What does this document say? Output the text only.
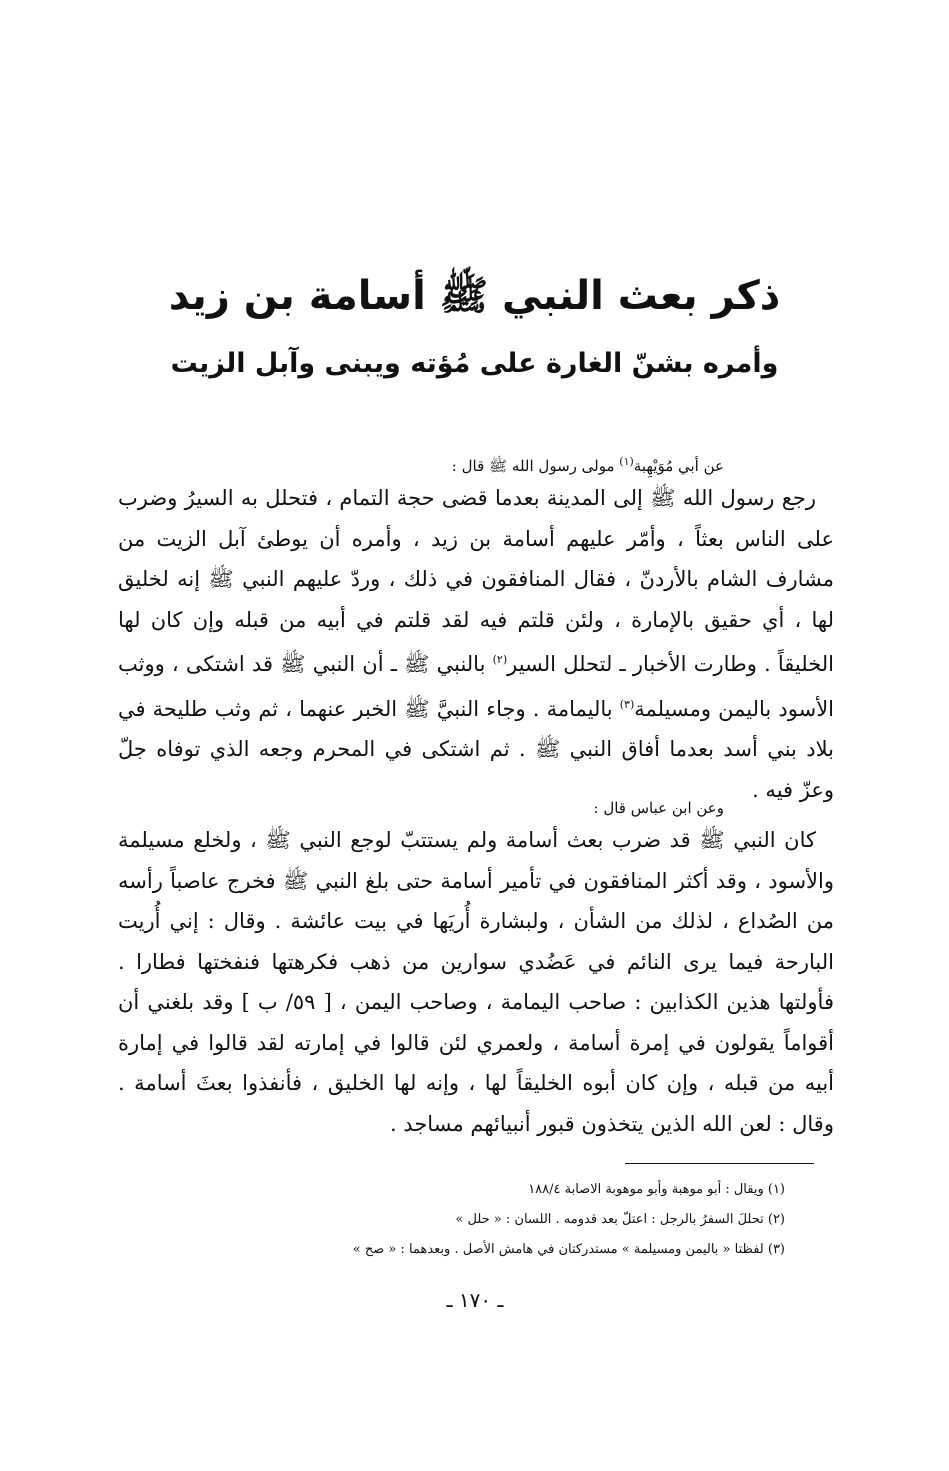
ذكر بعث النبي ﷺ أسامة بن زيد
وأمره بشنّ الغارة على مُؤته ويبنى وآبل الزيت

عن أبي مُوَيْهِبة$^{(١)}$ مولى رسول الله ﷺ قال :

رجع رسول الله ﷺ إلى المدينة بعدما قضى حجة التمام ، فتحلل به السيرُ وضرب على الناس بعثاً ، وأمّر عليهم أسامة بن زيد ، وأمره أن يوطئ آبل الزيت من مشارف الشام بالأردنّ ، فقال المنافقون في ذلك ، وردّ عليهم النبي ﷺ إنه لخليق لها ، أي حقيق بالإمارة ، ولئن قلتم فيه لقد قلتم في أبيه من قبله وإن كان لها الخليقاً . وطارت الأخبار ـ لتحلل السير$^{(٢)}$ بالنبي ﷺ ـ أن النبي ﷺ قد اشتكى ، ووثب الأسود باليمن ومسيلمة$^{(٣)}$ باليمامة . وجاء النبيَّ ﷺ الخبر عنهما ، ثم وثب طليحة في بلاد بني أسد بعدما أفاق النبي ﷺ . ثم اشتكى في المحرم وجعه الذي توفاه جلّ وعزّ فيه .

وعن ابن عباس قال :

كان النبي ﷺ قد ضرب بعث أسامة ولم يستتبّ لوجع النبي ﷺ ، ولخلع مسيلمة والأسود ، وقد أكثر المنافقون في تأمير أسامة حتى بلغ النبي ﷺ فخرج عاصباً رأسه من الصُداع ، لذلك من الشأن ، ولبشارة أُريَها في بيت عائشة . وقال : إني أُريت البارحة فيما يرى النائم في عَضُدي سوارين من ذهب فكرهتها فنفختها فطارا . فأولتها هذين الكذابين : صاحب اليمامة ، وصاحب اليمن ، [ ٥٩/ ب ] وقد بلغني أن أقواماً يقولون في إمرة أسامة ، ولعمري لئن قالوا في إمارته لقد قالوا في إمارة أبيه من قبله ، وإن كان أبوه الخليقاً لها ، وإنه لها الخليق ، فأنفذوا بعثَ أسامة . وقال : لعن الله الذين يتخذون قبور أنبيائهم مساجد .

(١) ويقال : أبو موهبة وأبو موهوبة الاصابة ١٨٨/٤
(٢) تحللَ السفرُ بالرجل : اعتلّ بعد قدومه . اللسان : « حلل »
(٣) لفظتا « باليمن ومسيلمة » مستدركتان في هامش الأصل . وبعدهما : « صح »
ـ ١٧٠ ـ
